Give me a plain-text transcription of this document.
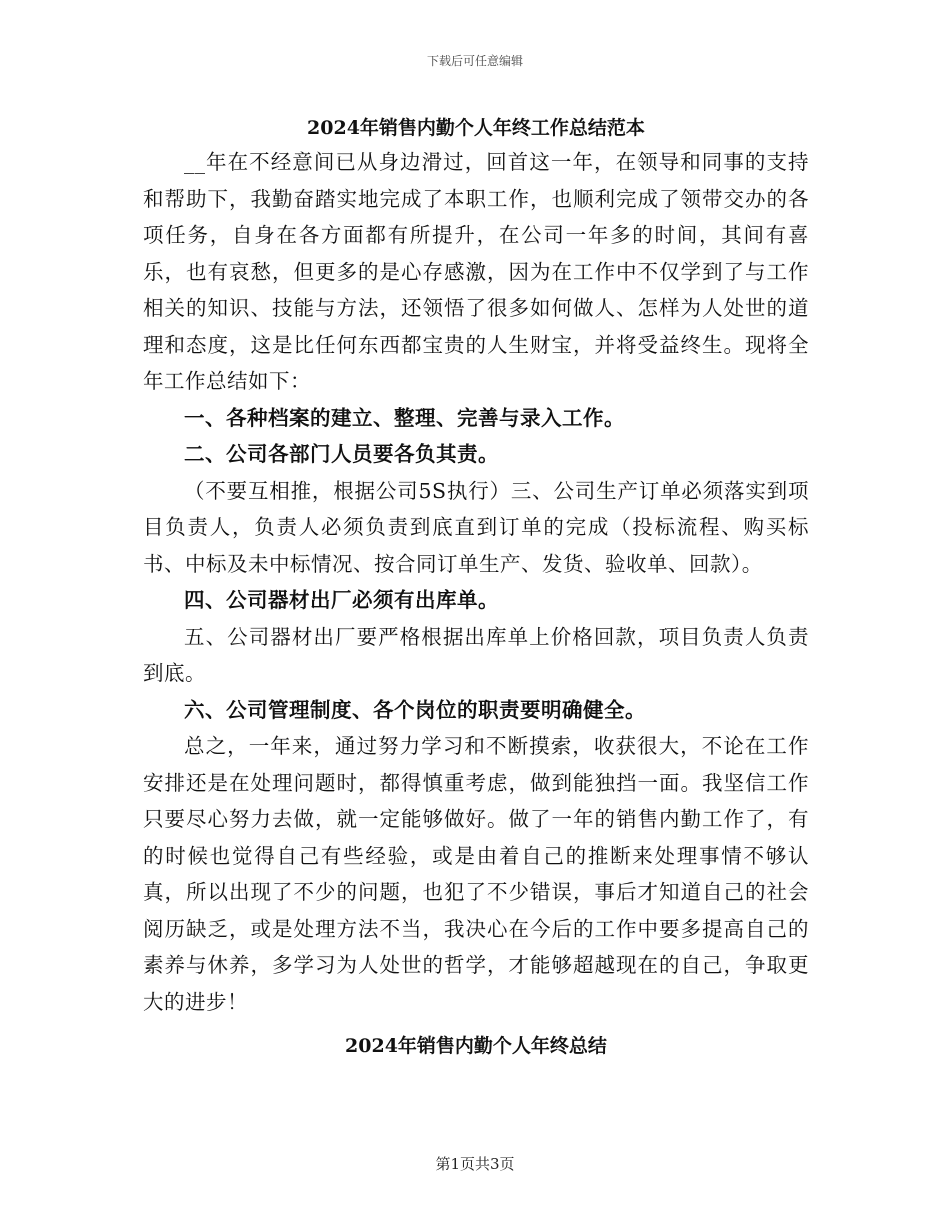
下载后可任意编辑

2024年销售内勤个人年终工作总结范本

__年在不经意间已从身边滑过，回首这一年，在领导和同事的支持和帮助下，我勤奋踏实地完成了本职工作，也顺利完成了领带交办的各项任务，自身在各方面都有所提升，在公司一年多的时间，其间有喜乐，也有哀愁，但更多的是心存感激，因为在工作中不仅学到了与工作相关的知识、技能与方法，还领悟了很多如何做人、怎样为人处世的道理和态度，这是比任何东西都宝贵的人生财宝，并将受益终生。现将全年工作总结如下：

一、各种档案的建立、整理、完善与录入工作。

二、公司各部门人员要各负其责。

（不要互相推，根据公司5S执行）三、公司生产订单必须落实到项目负责人，负责人必须负责到底直到订单的完成（投标流程、购买标书、中标及未中标情况、按合同订单生产、发货、验收单、回款）。

四、公司器材出厂必须有出库单。

五、公司器材出厂要严格根据出库单上价格回款，项目负责人负责到底。

六、公司管理制度、各个岗位的职责要明确健全。

总之，一年来，通过努力学习和不断摸索，收获很大，不论在工作安排还是在处理问题时，都得慎重考虑，做到能独挡一面。我坚信工作只要尽心努力去做，就一定能够做好。做了一年的销售内勤工作了，有的时候也觉得自己有些经验，或是由着自己的推断来处理事情不够认真，所以出现了不少的问题，也犯了不少错误，事后才知道自己的社会阅历缺乏，或是处理方法不当，我决心在今后的工作中要多提高自己的素养与休养，多学习为人处世的哲学，才能够超越现在的自己，争取更大的进步！

2024年销售内勤个人年终总结
第1页共3页
